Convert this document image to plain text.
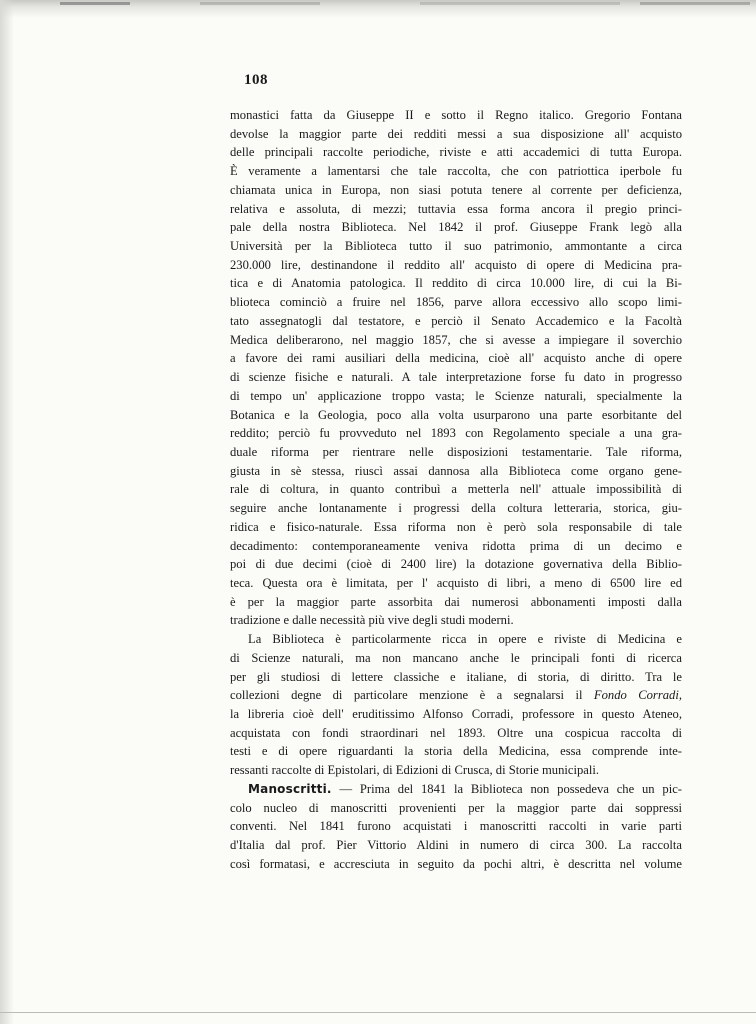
108
monastici fatta da Giuseppe II e sotto il Regno italico. Gregorio Fontana
devolse la maggior parte dei redditi messi a sua disposizione all' acquisto
delle principali raccolte periodiche, riviste e atti accademici di tutta Europa.
È veramente a lamentarsi che tale raccolta, che con patriottica iperbole fu
chiamata unica in Europa, non siasi potuta tenere al corrente per deficienza,
relativa e assoluta, di mezzi; tuttavia essa forma ancora il pregio princi-
pale della nostra Biblioteca. Nel 1842 il prof. Giuseppe Frank legò alla
Università per la Biblioteca tutto il suo patrimonio, ammontante a circa
230.000 lire, destinandone il reddito all' acquisto di opere di Medicina pra-
tica e di Anatomia patologica. Il reddito di circa 10.000 lire, di cui la Bi-
blioteca cominciò a fruire nel 1856, parve allora eccessivo allo scopo limi-
tato assegnatogli dal testatore, e perciò il Senato Accademico e la Facoltà
Medica deliberarono, nel maggio 1857, che si avesse a impiegare il soverchio
a favore dei rami ausiliari della medicina, cioè all' acquisto anche di opere
di scienze fisiche e naturali. A tale interpretazione forse fu dato in progresso
di tempo un' applicazione troppo vasta; le Scienze naturali, specialmente la
Botanica e la Geologia, poco alla volta usurparono una parte esorbitante del
reddito; perciò fu provveduto nel 1893 con Regolamento speciale a una gra-
duale riforma per rientrare nelle disposizioni testamentarie. Tale riforma,
giusta in sè stessa, riuscì assai dannosa alla Biblioteca come organo gene-
rale di coltura, in quanto contribuì a metterla nell' attuale impossibilità di
seguire anche lontanamente i progressi della coltura letteraria, storica, giu-
ridica e fisico-naturale. Essa riforma non è però sola responsabile di tale
decadimento: contemporaneamente veniva ridotta prima di un decimo e
poi di due decimi (cioè di 2400 lire) la dotazione governativa della Biblio-
teca. Questa ora è limitata, per l' acquisto di libri, a meno di 6500 lire ed
è per la maggior parte assorbita dai numerosi abbonamenti imposti dalla
tradizione e dalle necessità più vive degli studi moderni.
La Biblioteca è particolarmente ricca in opere e riviste di Medicina e
di Scienze naturali, ma non mancano anche le principali fonti di ricerca
per gli studiosi di lettere classiche e italiane, di storia, di diritto. Tra le
collezioni degne di particolare menzione è a segnalarsi il Fondo Corradi,
la libreria cioè dell' eruditissimo Alfonso Corradi, professore in questo Ateneo,
acquistata con fondi straordinari nel 1893. Oltre una cospicua raccolta di
testi e di opere riguardanti la storia della Medicina, essa comprende inte-
ressanti raccolte di Epistolari, di Edizioni di Crusca, di Storie municipali.
Manoscritti. — Prima del 1841 la Biblioteca non possedeva che un pic-
colo nucleo di manoscritti provenienti per la maggior parte dai soppressi
conventi. Nel 1841 furono acquistati i manoscritti raccolti in varie parti
d'Italia dal prof. Pier Vittorio Aldini in numero di circa 300. La raccolta
così formatasi, e accresciuta in seguito da pochi altri, è descritta nel volume
